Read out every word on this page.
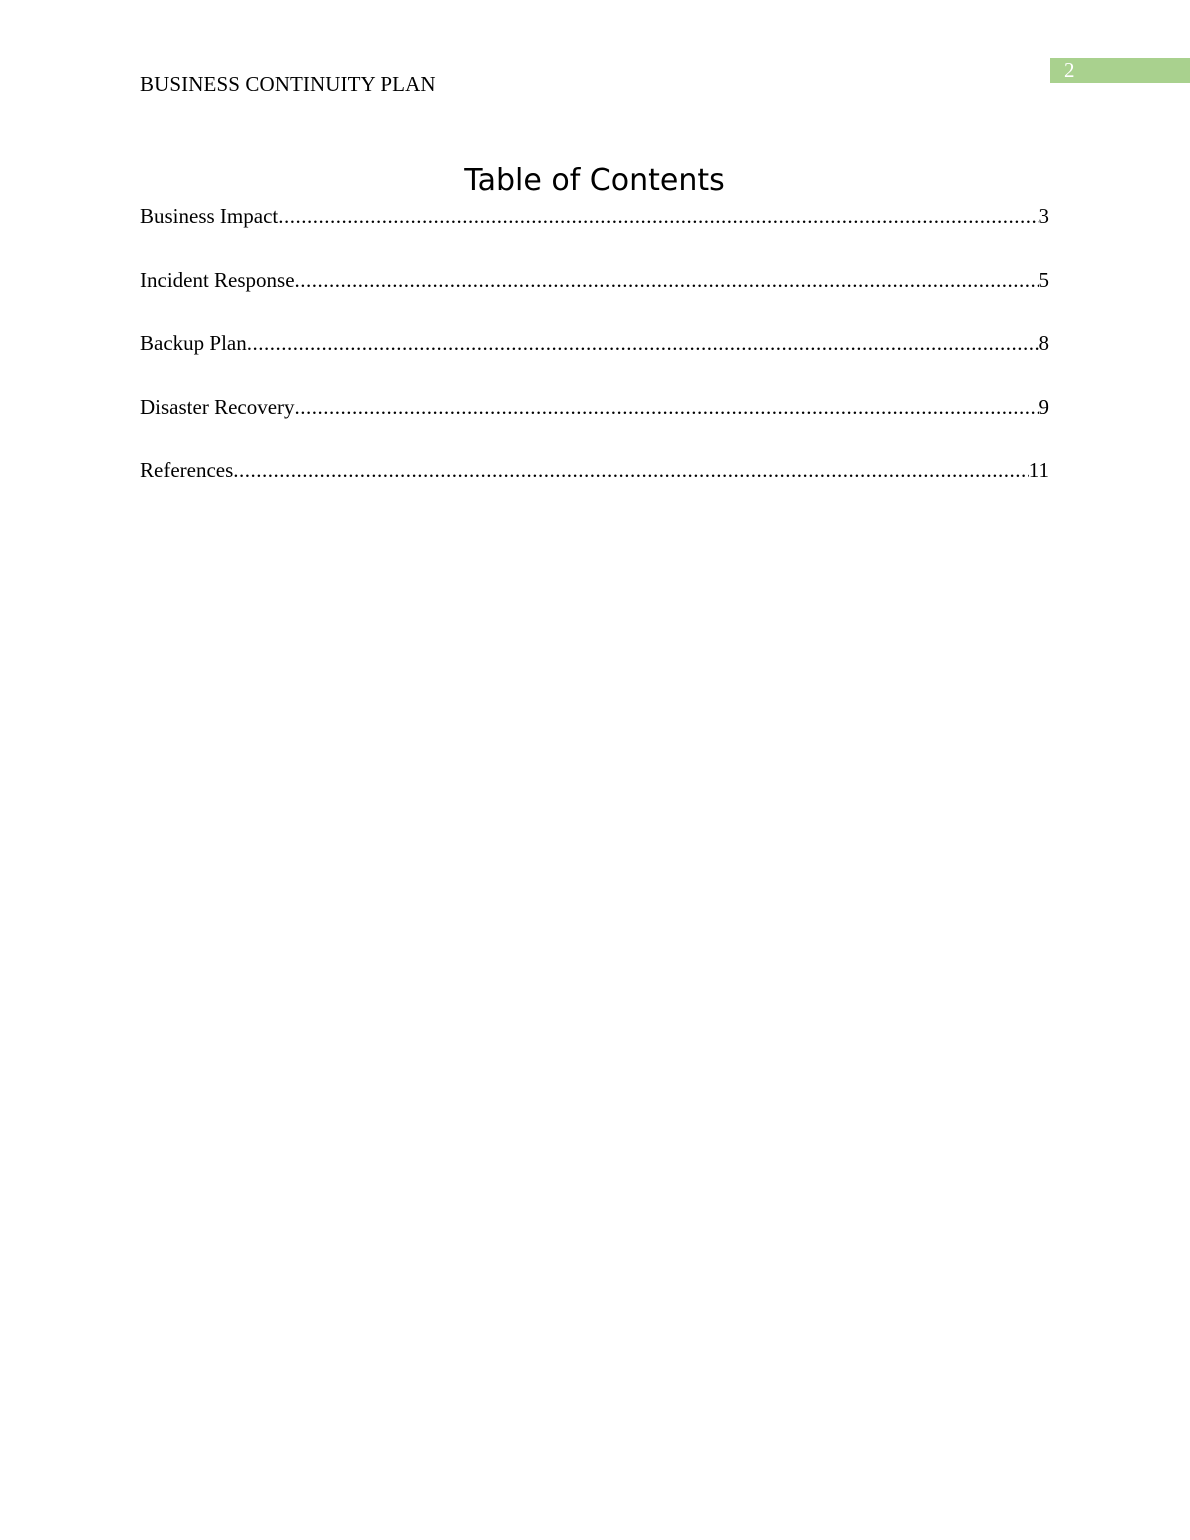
2
BUSINESS CONTINUITY PLAN
Table of Contents
Business Impact .....	3
Incident Response .....	5
Backup Plan .....	8
Disaster Recovery .....	9
References .....	11
